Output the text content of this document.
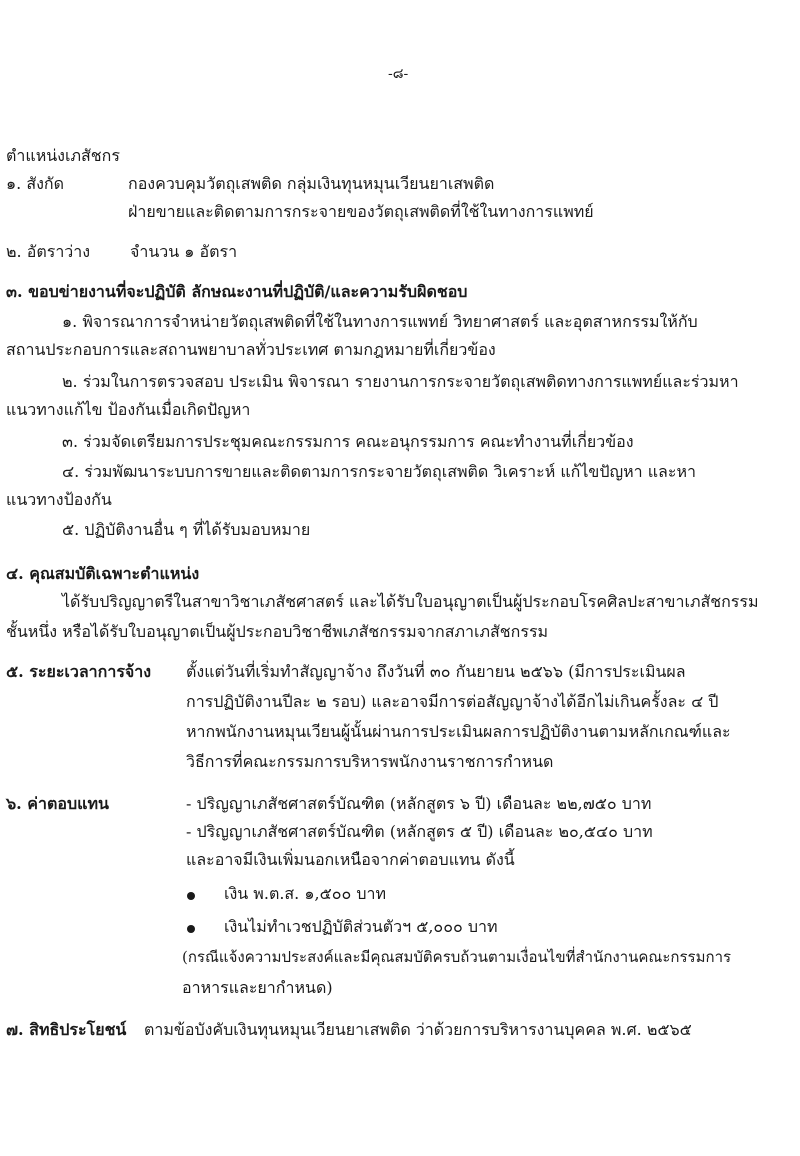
-๘-
ตำแหน่งเภสัชกร
๑. สังกัด	กองควบคุมวัตถุเสพติด กลุ่มเงินทุนหมุนเวียนยาเสพติด
ฝ่ายขายและติดตามการกระจายของวัตถุเสพติดที่ใช้ในทางการแพทย์
๒. อัตราว่าง จำนวน ๑ อัตรา
๓. ขอบข่ายงานที่จะปฏิบัติ ลักษณะงานที่ปฏิบัติ/และความรับผิดชอบ
๑. พิจารณาการจำหน่ายวัตถุเสพติดที่ใช้ในทางการแพทย์ วิทยาศาสตร์ และอุตสาหกรรมให้กับ
สถานประกอบการและสถานพยาบาลทั่วประเทศ ตามกฎหมายที่เกี่ยวข้อง
๒. ร่วมในการตรวจสอบ ประเมิน พิจารณา รายงานการกระจายวัตถุเสพติดทางการแพทย์และร่วมหา
แนวทางแก้ไข ป้องกันเมื่อเกิดปัญหา
๓. ร่วมจัดเตรียมการประชุมคณะกรรมการ คณะอนุกรรมการ คณะทำงานที่เกี่ยวข้อง
๔. ร่วมพัฒนาระบบการขายและติดตามการกระจายวัตถุเสพติด วิเคราะห์ แก้ไขปัญหา และหา
แนวทางป้องกัน
๕. ปฏิบัติงานอื่น ๆ ที่ได้รับมอบหมาย
๔. คุณสมบัติเฉพาะตำแหน่ง
ได้รับปริญญาตรีในสาขาวิชาเภสัชศาสตร์ และได้รับใบอนุญาตเป็นผู้ประกอบโรคศิลปะสาขาเภสัชกรรม
ชั้นหนึ่ง หรือได้รับใบอนุญาตเป็นผู้ประกอบวิชาชีพเภสัชกรรมจากสภาเภสัชกรรม
๕. ระยะเวลาการจ้าง ตั้งแต่วันที่เริ่มทำสัญญาจ้าง ถึงวันที่ ๓๐ กันยายน ๒๕๖๖ (มีการประเมินผล
การปฏิบัติงานปีละ ๒ รอบ) และอาจมีการต่อสัญญาจ้างได้อีกไม่เกินครั้งละ ๔ ปี
หากพนักงานหมุนเวียนผู้นั้นผ่านการประเมินผลการปฏิบัติงานตามหลักเกณฑ์และ
วิธีการที่คณะกรรมการบริหารพนักงานราชการกำหนด
๖. ค่าตอบแทน	- ปริญญาเภสัชศาสตร์บัณฑิต (หลักสูตร ๖ ปี) เดือนละ ๒๒,๗๕๐ บาท
- ปริญญาเภสัชศาสตร์บัณฑิต (หลักสูตร ๕ ปี) เดือนละ ๒๐,๕๔๐ บาท
และอาจมีเงินเพิ่มนอกเหนือจากค่าตอบแทน ดังนี้
เงิน พ.ต.ส. ๑,๕๐๐ บาท
เงินไม่ทำเวชปฏิบัติส่วนตัวฯ ๕,๐๐๐ บาท
(กรณีแจ้งความประสงค์และมีคุณสมบัติครบถ้วนตามเงื่อนไขที่สำนักงานคณะกรรมการ
อาหารและยากำหนด)
๗. สิทธิประโยชน์ ตามข้อบังคับเงินทุนหมุนเวียนยาเสพติด ว่าด้วยการบริหารงานบุคคล พ.ศ. ๒๕๖๕
